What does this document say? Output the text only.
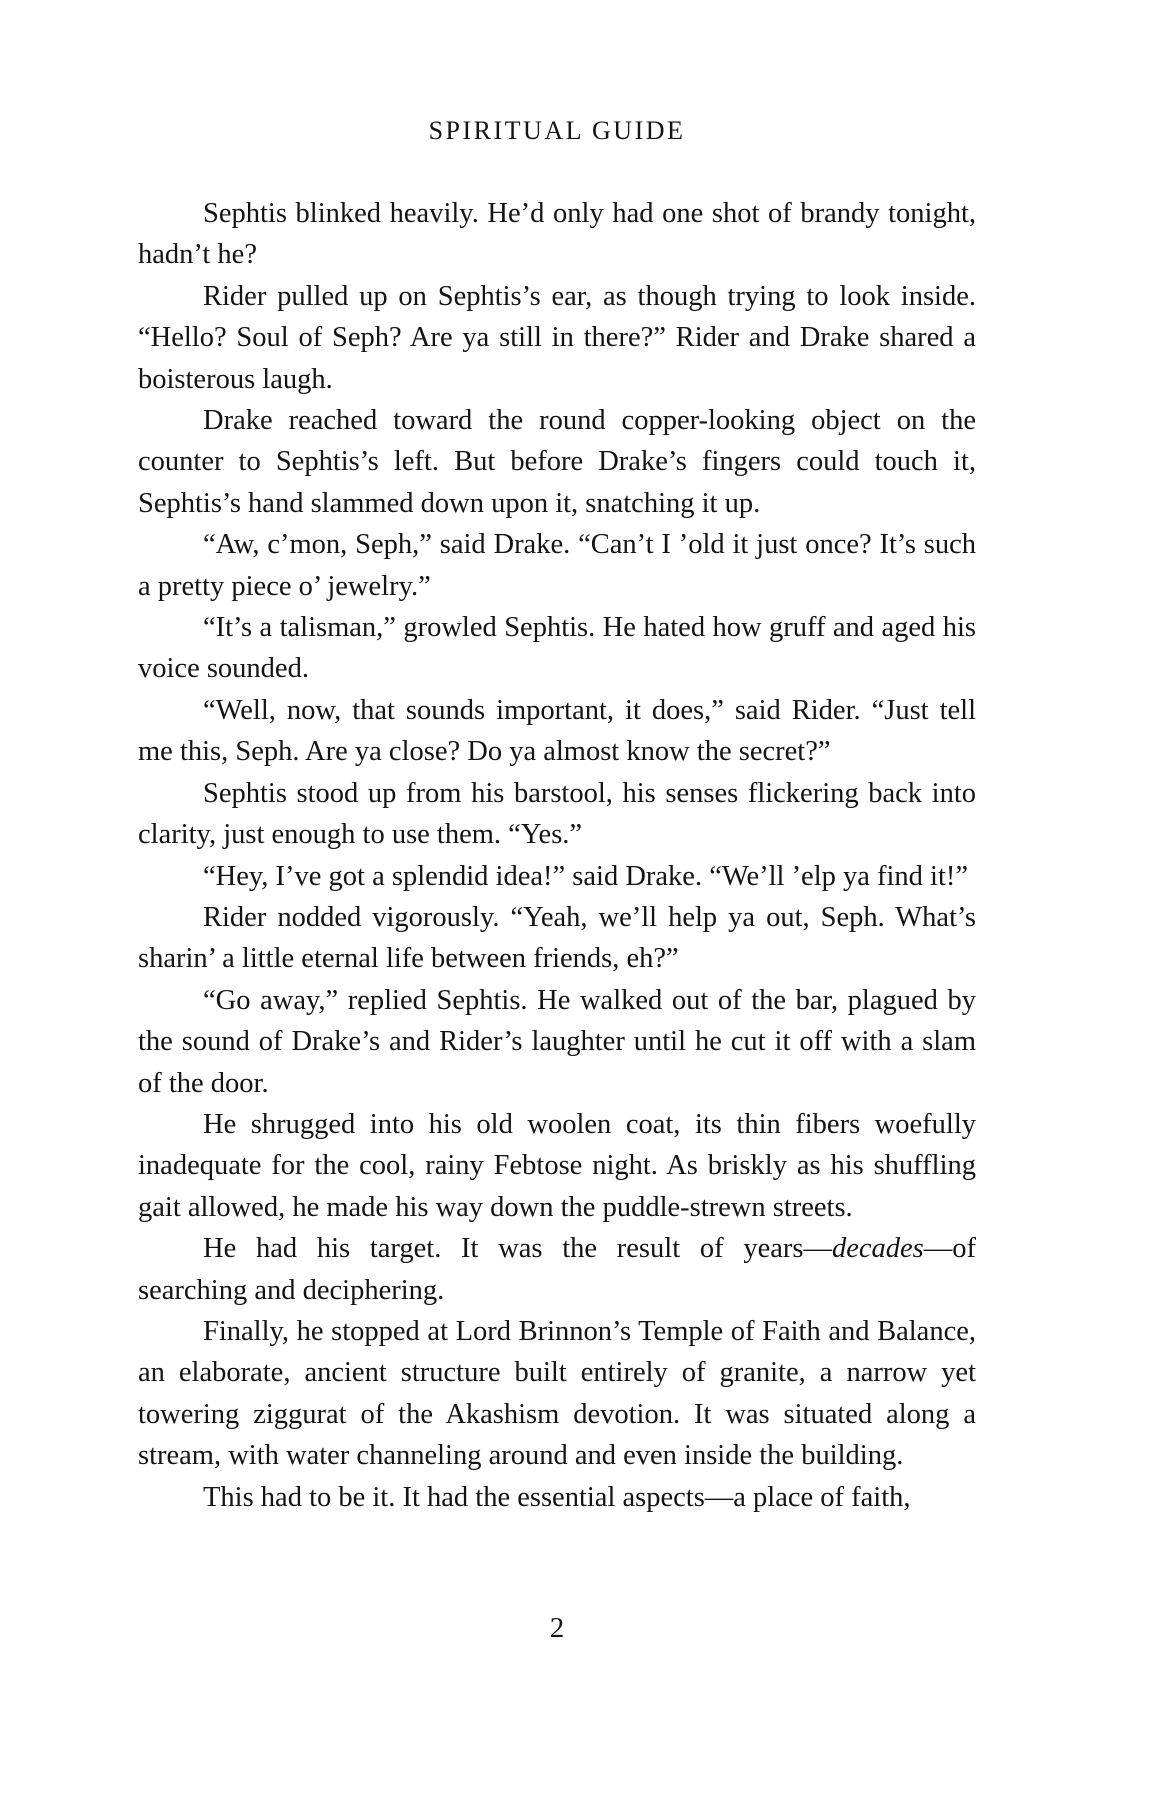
SPIRITUAL GUIDE

Sephtis blinked heavily. He’d only had one shot of brandy tonight, hadn’t he?

Rider pulled up on Sephtis’s ear, as though trying to look inside. “Hello? Soul of Seph? Are ya still in there?” Rider and Drake shared a boisterous laugh.

Drake reached toward the round copper-looking object on the counter to Sephtis’s left. But before Drake’s fingers could touch it, Sephtis’s hand slammed down upon it, snatching it up.

“Aw, c’mon, Seph,” said Drake. “Can’t I ’old it just once? It’s such a pretty piece o’ jewelry.”

“It’s a talisman,” growled Sephtis. He hated how gruff and aged his voice sounded.

“Well, now, that sounds important, it does,” said Rider. “Just tell me this, Seph. Are ya close? Do ya almost know the secret?”

Sephtis stood up from his barstool, his senses flickering back into clarity, just enough to use them. “Yes.”

“Hey, I’ve got a splendid idea!” said Drake. “We’ll ’elp ya find it!”

Rider nodded vigorously. “Yeah, we’ll help ya out, Seph. What’s sharin’ a little eternal life between friends, eh?”

“Go away,” replied Sephtis. He walked out of the bar, plagued by the sound of Drake’s and Rider’s laughter until he cut it off with a slam of the door.

He shrugged into his old woolen coat, its thin fibers woefully inadequate for the cool, rainy Febtose night. As briskly as his shuffling gait allowed, he made his way down the puddle-strewn streets.

He had his target. It was the result of years—decades—of searching and deciphering.

Finally, he stopped at Lord Brinnon’s Temple of Faith and Balance, an elaborate, ancient structure built entirely of granite, a narrow yet towering ziggurat of the Akashism devotion. It was situated along a stream, with water channeling around and even inside the building.

This had to be it. It had the essential aspects—a place of faith,

2
